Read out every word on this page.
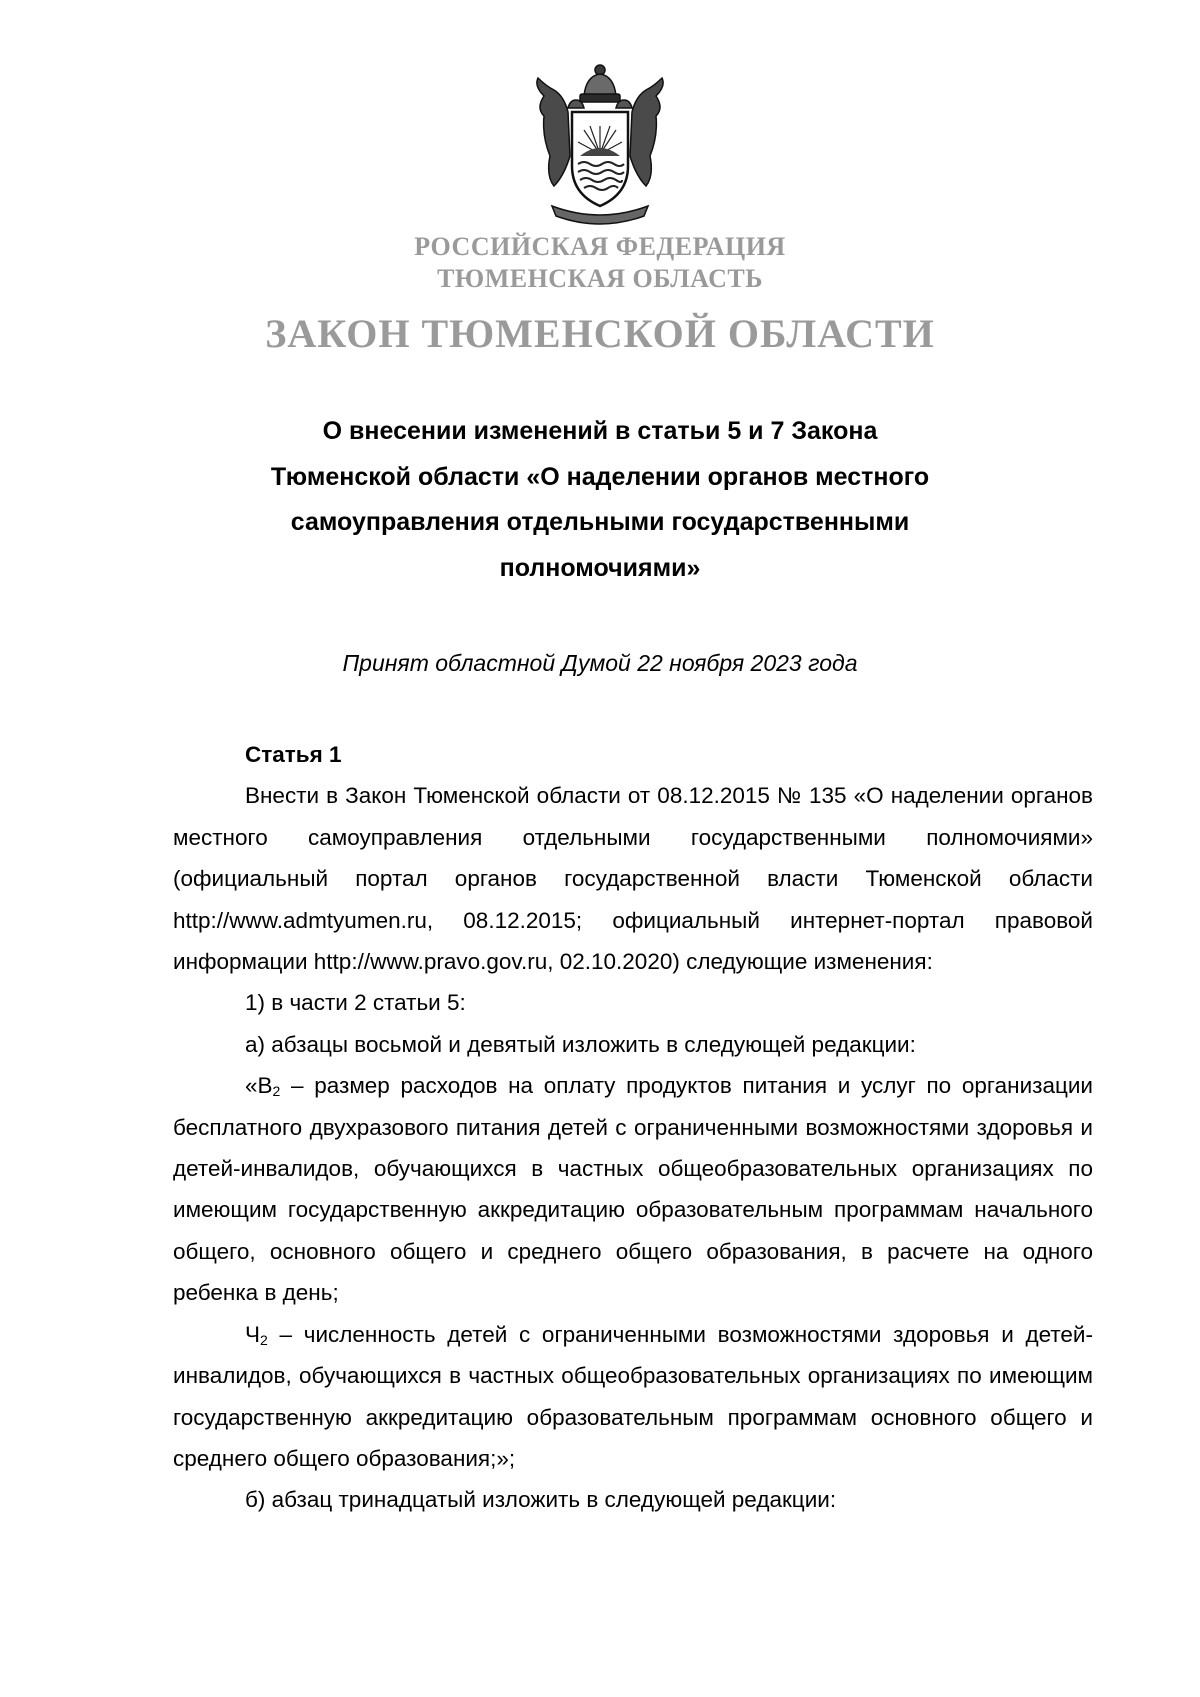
РОССИЙСКАЯ ФЕДЕРАЦИЯ
ТЮМЕНСКАЯ ОБЛАСТЬ
ЗАКОН ТЮМЕНСКОЙ ОБЛАСТИ
О внесении изменений в статьи 5 и 7 Закона
Тюменской области «О наделении органов местного
самоуправления отдельными государственными
полномочиями»
Принят областной Думой 22 ноября 2023 года

Статья 1

Внести в Закон Тюменской области от 08.12.2015 № 135 «О наделении органов местного самоуправления отдельными государственными полномочиями» (официальный портал органов государственной власти Тюменской области http://www.admtyumen.ru, 08.12.2015; официальный интернет-портал правовой информации http://www.pravo.gov.ru, 02.10.2020) следующие изменения:

1) в части 2 статьи 5:

а) абзацы восьмой и девятый изложить в следующей редакции:

«$В_2$ – размер расходов на оплату продуктов питания и услуг по организации бесплатного двухразового питания детей с ограниченными возможностями здоровья и детей-инвалидов, обучающихся в частных общеобразовательных организациях по имеющим государственную аккредитацию образовательным программам начального общего, основного общего и среднего общего образования, в расчете на одного ребенка в день;

$Ч_2$ – численность детей с ограниченными возможностями здоровья и детей-инвалидов, обучающихся в частных общеобразовательных организациях по имеющим государственную аккредитацию образовательным программам основного общего и среднего общего образования;»;

б) абзац тринадцатый изложить в следующей редакции:
